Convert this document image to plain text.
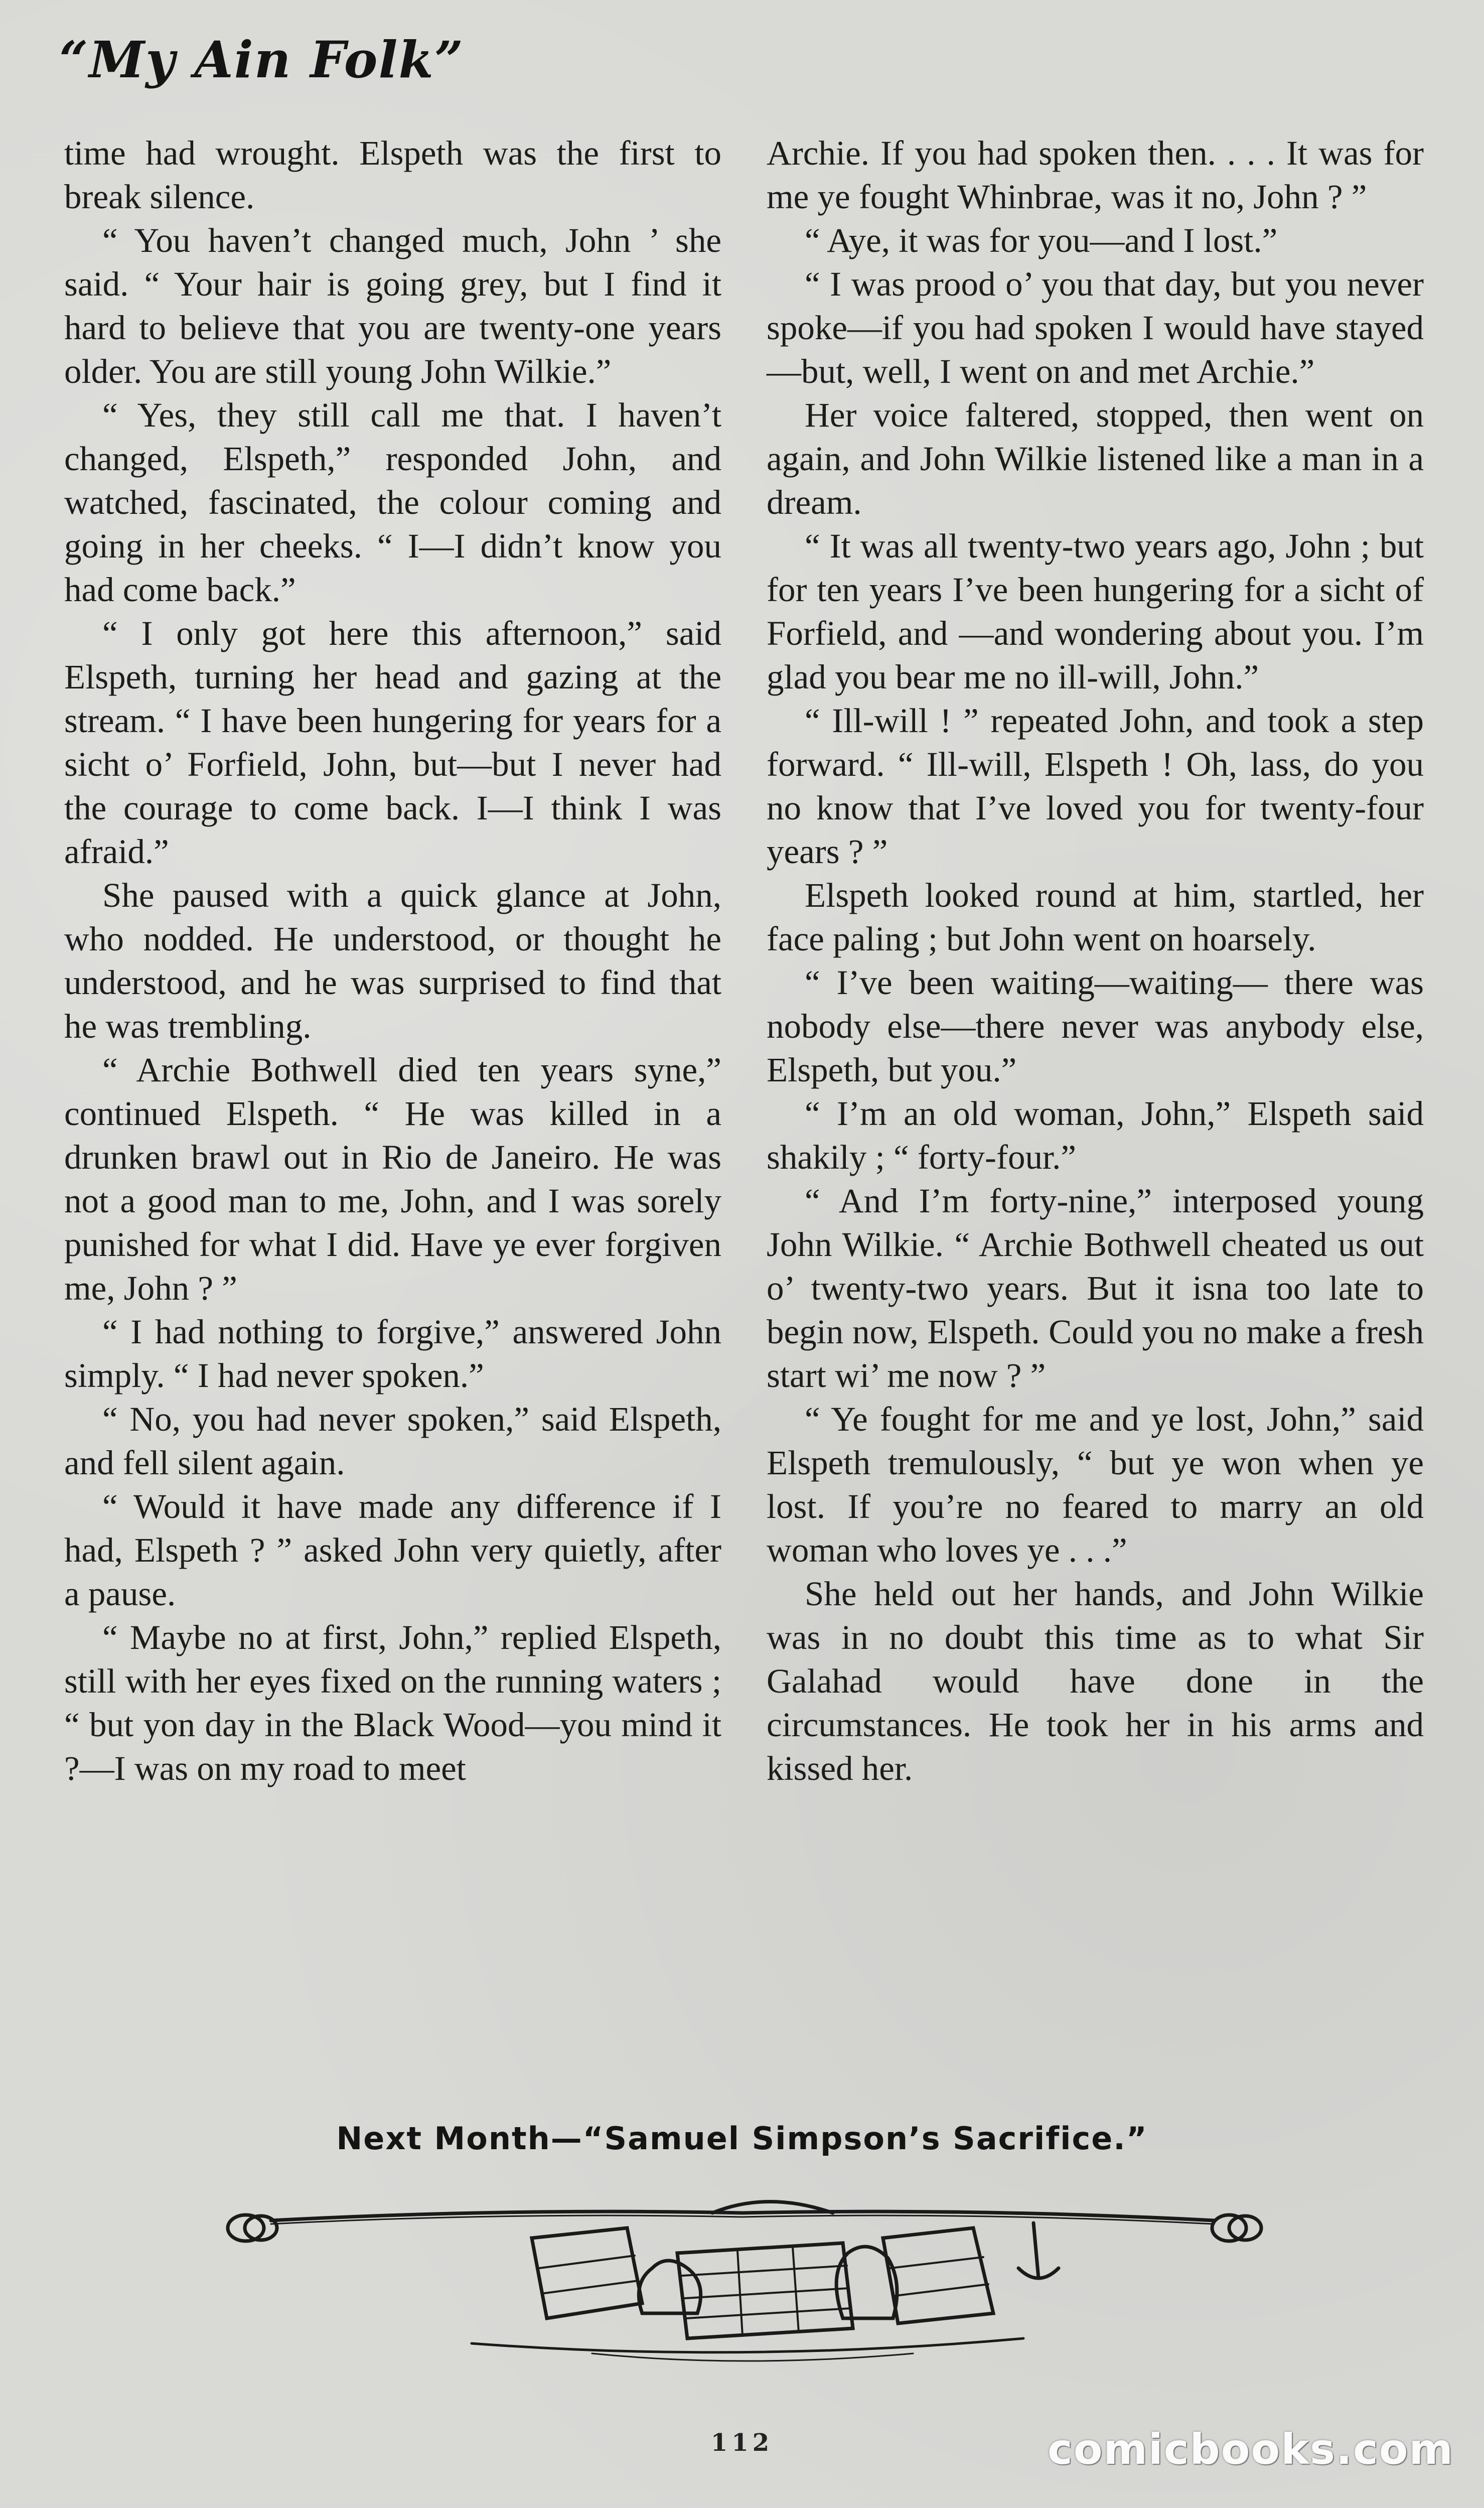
“My Ain Folk”

time had wrought. Elspeth was the first to break silence.

“ You haven’t changed much, John ’ she said. “ Your hair is going grey, but I find it hard to believe that you are twenty-one years older. You are still young John Wilkie.”

“ Yes, they still call me that. I haven’t changed, Elspeth,” responded John, and watched, fascinated, the colour coming and going in her cheeks. “ I—I didn’t know you had come back.”

“ I only got here this afternoon,” said Elspeth, turning her head and gazing at the stream. “ I have been hungering for years for a sicht o’ Forfield, John, but—but I never had the courage to come back. I—I think I was afraid.”

She paused with a quick glance at John, who nodded. He understood, or thought he understood, and he was surprised to find that he was trembling.

“ Archie Bothwell died ten years syne,” continued Elspeth. “ He was killed in a drunken brawl out in Rio de Janeiro. He was not a good man to me, John, and I was sorely punished for what I did. Have ye ever forgiven me, John ? ”

“ I had nothing to forgive,” answered John simply. “ I had never spoken.”

“ No, you had never spoken,” said Elspeth, and fell silent again.

“ Would it have made any difference if I had, Elspeth ? ” asked John very quietly, after a pause.

“ Maybe no at first, John,” replied Elspeth, still with her eyes fixed on the running waters ; “ but yon day in the Black Wood—you mind it ?—I was on my road to meet

Archie. If you had spoken then. . . . It was for me ye fought Whinbrae, was it no, John ? ”

“ Aye, it was for you—and I lost.”

“ I was prood o’ you that day, but you never spoke—if you had spoken I would have stayed—but, well, I went on and met Archie.”

Her voice faltered, stopped, then went on again, and John Wilkie listened like a man in a dream.

“ It was all twenty-two years ago, John ; but for ten years I’ve been hungering for a sicht of Forfield, and —and wondering about you. I’m glad you bear me no ill-will, John.”

“ Ill-will ! ” repeated John, and took a step forward. “ Ill-will, Elspeth ! Oh, lass, do you no know that I’ve loved you for twenty-four years ? ”

Elspeth looked round at him, startled, her face paling ; but John went on hoarsely.

“ I’ve been waiting—waiting— there was nobody else—there never was anybody else, Elspeth, but you.”

“ I’m an old woman, John,” Elspeth said shakily ; “ forty-four.”

“ And I’m forty-nine,” interposed young John Wilkie. “ Archie Bothwell cheated us out o’ twenty-two years. But it isna too late to begin now, Elspeth. Could you no make a fresh start wi’ me now ? ”

“ Ye fought for me and ye lost, John,” said Elspeth tremulously, “ but ye won when ye lost. If you’re no feared to marry an old woman who loves ye . . .”

She held out her hands, and John Wilkie was in no doubt this time as to what Sir Galahad would have done in the circumstances. He took her in his arms and kissed her.

Next Month—“Samuel Simpson’s Sacrifice.”
112	comicbooks.com
